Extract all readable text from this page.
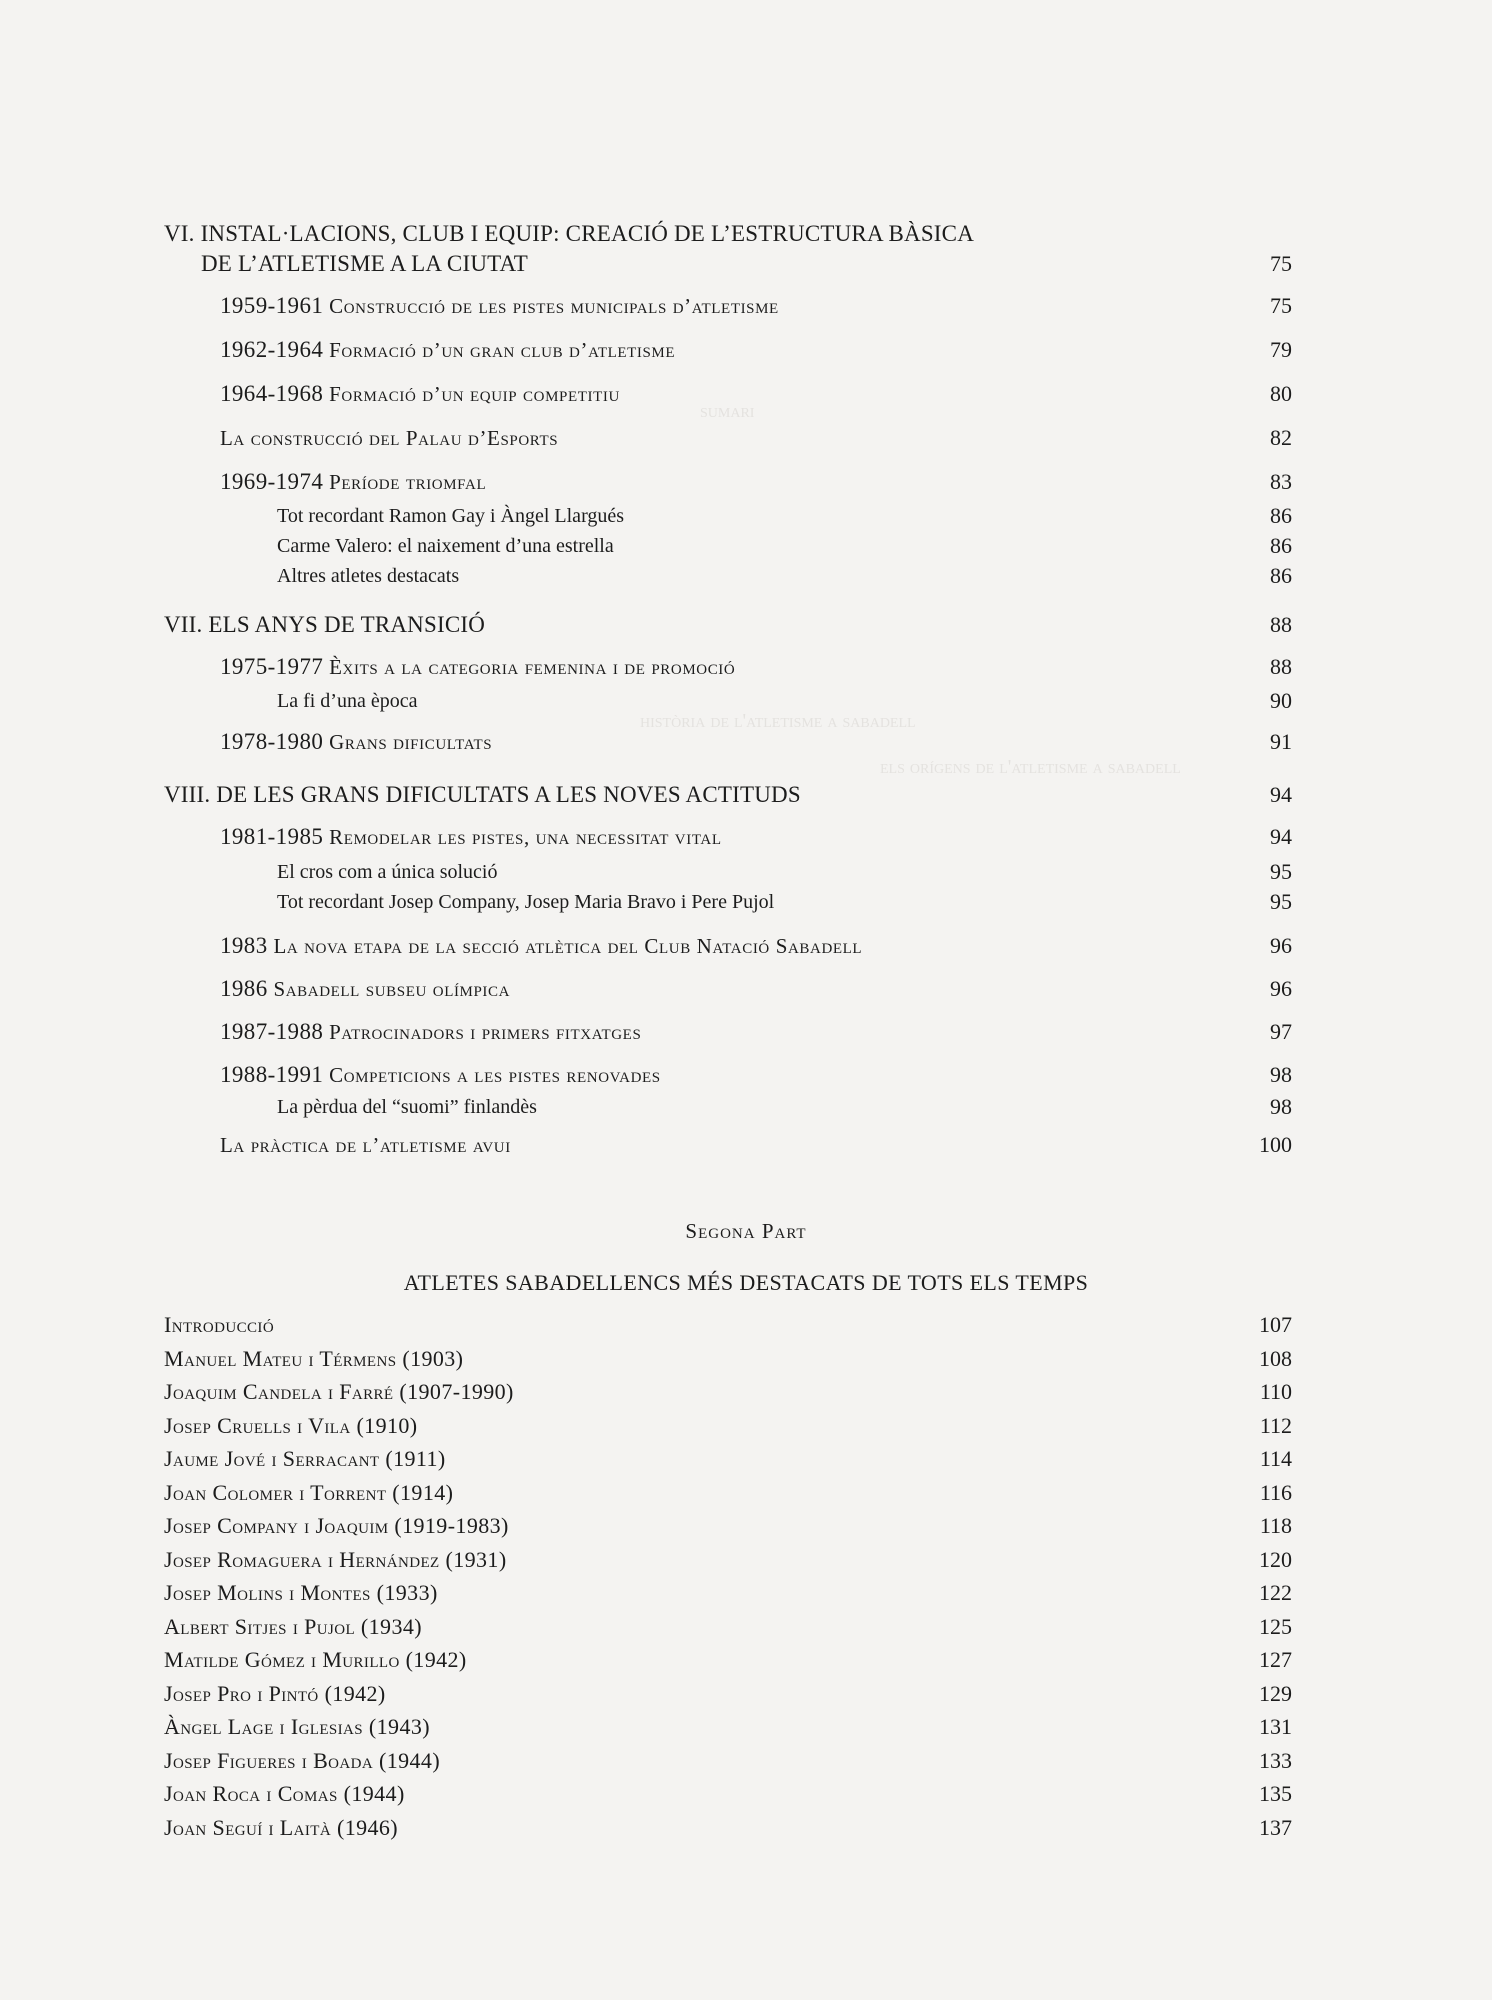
sumari
història de l'atletisme a sabadell
els orígens de l'atletisme a sabadell
VI. INSTAL·LACIONS, CLUB I EQUIP: CREACIÓ DE L’ESTRUCTURA BÀSICA
DE L’ATLETISME A LA CIUTAT	75
1959-1961 Construcció de les pistes municipals d’atletisme	75
1962-1964 Formació d’un gran club d’atletisme	79
1964-1968 Formació d’un equip competitiu	80
La construcció del Palau d’Esports	82
1969-1974 Període triomfal	83
Tot recordant Ramon Gay i Àngel Llargués	86
Carme Valero: el naixement d’una estrella	86
Altres atletes destacats	86
VII. ELS ANYS DE TRANSICIÓ	88
1975-1977 Èxits a la categoria femenina i de promoció	88
La fi d’una època	90
1978-1980 Grans dificultats	91
VIII. DE LES GRANS DIFICULTATS A LES NOVES ACTITUDS	94
1981-1985 Remodelar les pistes, una necessitat vital	94
El cros com a única solució	95
Tot recordant Josep Company, Josep Maria Bravo i Pere Pujol	95
1983 La nova etapa de la secció atlètica del Club Natació Sabadell	96
1986 Sabadell subseu olímpica	96
1987-1988 Patrocinadors i primers fitxatges	97
1988-1991 Competicions a les pistes renovades	98
La pèrdua del “suomi” finlandès	98
La pràctica de l’atletisme avui	100
Segona Part
ATLETES SABADELLENCS MÉS DESTACATS DE TOTS ELS TEMPS
Introducció	107
Manuel Mateu i Térmens (1903)	108
Joaquim Candela i Farré (1907-1990)	110
Josep Cruells i Vila (1910)	112
Jaume Jové i Serracant (1911)	114
Joan Colomer i Torrent (1914)	116
Josep Company i Joaquim (1919-1983)	118
Josep Romaguera i Hernández (1931)	120
Josep Molins i Montes (1933)	122
Albert Sitjes i Pujol (1934)	125
Matilde Gómez i Murillo (1942)	127
Josep Pro i Pintó (1942)	129
Àngel Lage i Iglesias (1943)	131
Josep Figueres i Boada (1944)	133
Joan Roca i Comas (1944)	135
Joan Seguí i Laità (1946)	137
